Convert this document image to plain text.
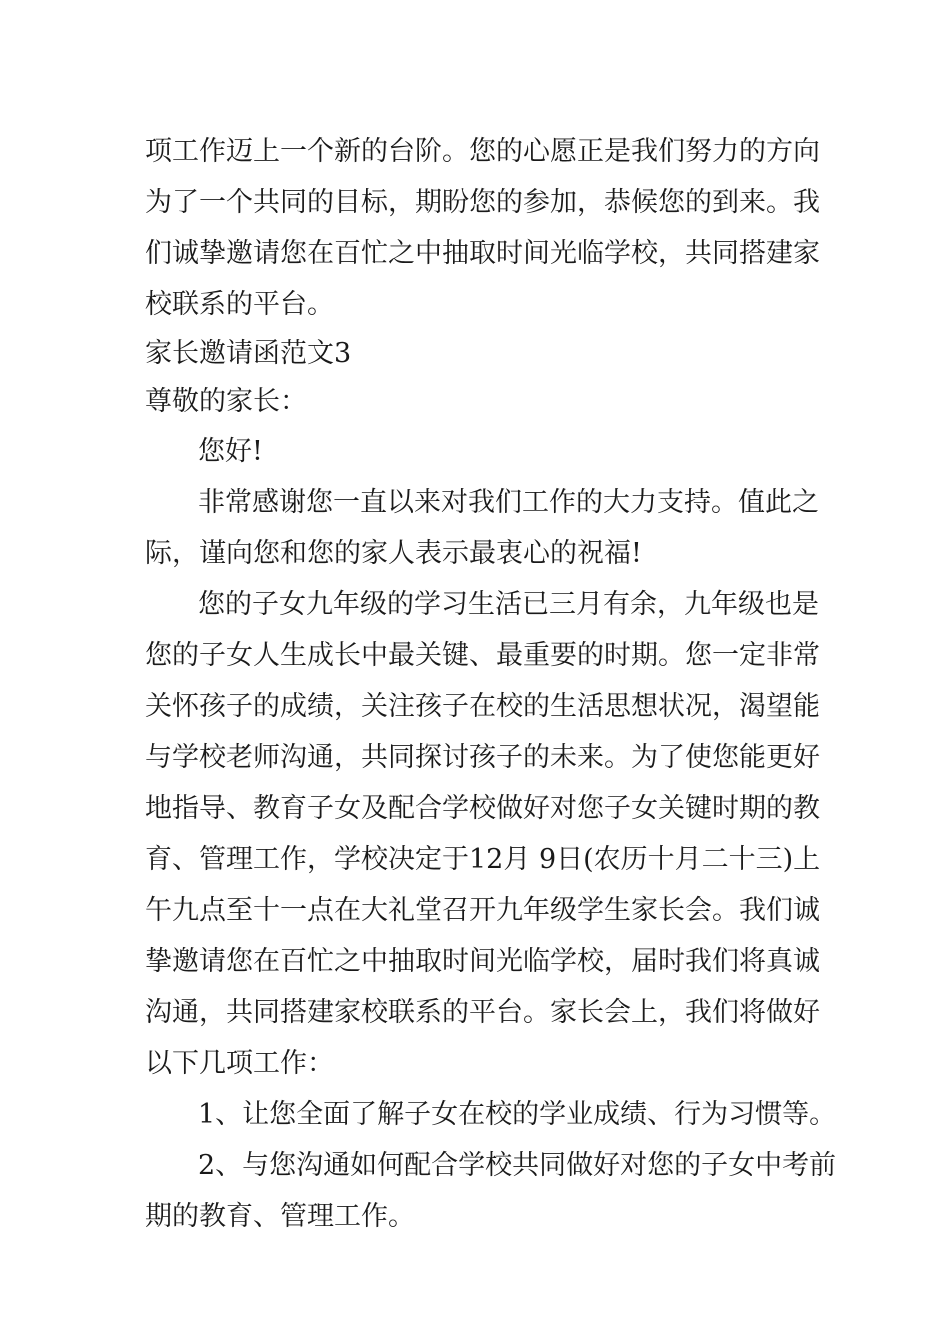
项工作迈上一个新的台阶。您的心愿正是我们努力的方向
为了一个共同的目标，期盼您的参加，恭候您的到来。我
们诚挚邀请您在百忙之中抽取时间光临学校，共同搭建家
校联系的平台。
家长邀请函范文3
尊敬的家长：
您好!
非常感谢您一直以来对我们工作的大力支持。值此之
际，谨向您和您的家人表示最衷心的祝福!
您的子女九年级的学习生活已三月有余，九年级也是
您的子女人生成长中最关键、最重要的时期。您一定非常
关怀孩子的成绩，关注孩子在校的生活思想状况，渴望能
与学校老师沟通，共同探讨孩子的未来。为了使您能更好
地指导、教育子女及配合学校做好对您子女关键时期的教
育、管理工作，学校决定于12月 9日(农历十月二十三)上
午九点至十一点在大礼堂召开九年级学生家长会。我们诚
挚邀请您在百忙之中抽取时间光临学校，届时我们将真诚
沟通，共同搭建家校联系的平台。家长会上，我们将做好
以下几项工作：
1、让您全面了解子女在校的学业成绩、行为习惯等。
2、与您沟通如何配合学校共同做好对您的子女中考前
期的教育、管理工作。
